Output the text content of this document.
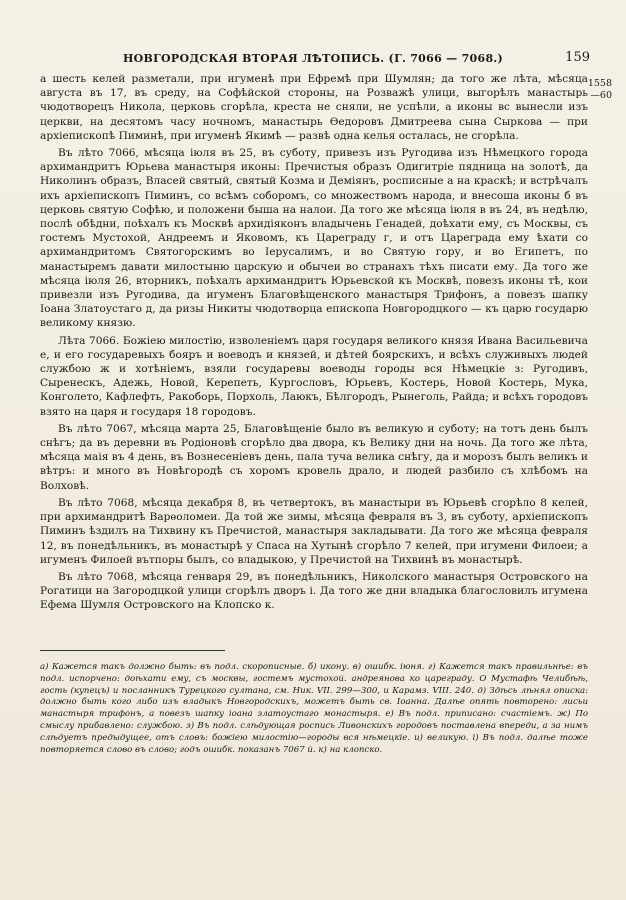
НОВГОРОДСКАЯ ВТОРАЯ ЛѢТОПИСЬ. (Г. 7066 — 7068.)	159
1558
—60

а шесть келей разметали, при игуменѣ при Ефремѣ при Шумлян; да того же лѣта, мѣсяца августа въ 17, въ среду, на Софѣйской стороны, на Розважѣ улици, выгорѣлъ манастырь чюдотворецъ Никола, церковь сгорѣла, креста не сняли, не успѣли, а иконы вс вынесли изъ церкви, на десятомъ часу ночномъ, манастырь Ѳедоровъ Дмитреева сына Сыркова — при архіепископѣ Пиминѣ, при игуменѣ Якимѣ — развѣ одна келья осталась, не сгорѣла.

Въ лѣто 7066, мѣсяца іюля въ 25, въ суботу, привезъ изъ Ругодива изъ Нѣмецкого города архимандритъ Юрьева манастыря иконы: Пречистыя образъ Одигитріе пядница на золотѣ, да Николинъ образъ, Власей святый, святый Козма и Деміянъ, росписные а на краскѣ; и встрѣчалъ ихъ архіепископъ Пиминъ, со всѣмъ соборомъ, со множествомъ народа, и внесоша иконы б въ церковь святую Софѣю, и положени быша на налои. Да того же мѣсяца іюля в въ 24, въ недѣлю, послѣ обѣдни, поѣхалъ къ Москвѣ архидіяконъ владычень Генадей, доѣхати ему, съ Москвы, съ гостемъ Мустохой, Андреемъ и Яковомъ, къ Цареграду г, и отъ Цареграда ему ѣхати со архимандритомъ Святогорскимъ во Іерусалимъ, и во Святую гору, и во Египетъ, по манастыремъ давати милостыню царскую и обычеи во странахъ тѣхъ писати ему. Да того же мѣсяца іюля 26, вторникъ, поѣхалъ архимандритъ Юрьевской къ Москвѣ, повезъ иконы тѣ, кои привезли изъ Ругодива, да игуменъ Благовѣщенского манастыря Трифонъ, а повезъ шапку Іоана Златоустаго д, да ризы Никиты чюдотворца епископа Новгородцкого — къ царю государю великому князю.

Лѣта 7066. Божіею милостію, изволеніемъ царя государя великого князя Ивана Васильевича е, и его государевыхъ бояръ и воеводъ и князей, и дѣтей боярскихъ, и всѣхъ служивыхъ людей службою ж и хотѣніемъ, взяли государевы воеводы городы вся Нѣмецкіе з: Ругодивъ, Сыренескъ, Адежь, Новой, Керепеть, Кургословъ, Юрьевъ, Костерь, Новой Костерь, Мука, Конголето, Кафлефть, Ракоборь, Порхоль, Лаюкъ, Бѣлгородъ, Рынеголь, Райда; и всѣхъ городовъ взято на царя и государя 18 городовъ.

Въ лѣто 7067, мѣсяца марта 25, Благовѣщеніе было въ великую и суботу; на тотъ день былъ снѣгъ; да въ деревни въ Родіоновѣ сгорѣло два двора, къ Велику дни на ночь. Да того же лѣта, мѣсяца маія въ 4 день, въ Вознесеніевъ день, пала туча велика снѣгу, да и морозъ былъ великъ и вѣтръ: и много въ Новѣгородѣ съ хоромъ кровель драло, и людей разбило съ хлѣбомъ на Волховѣ.

Въ лѣто 7068, мѣсяца декабря 8, въ четвертокъ, въ манастыри въ Юрьевѣ сгорѣло 8 келей, при архимандритѣ Варѳоломеи. Да той же зимы, мѣсяца февраля въ 3, въ суботу, архіепископъ Пиминъ ѣздилъ на Тихвину къ Пречистой, манастыря закладывати. Да того же мѣсяца февраля 12, въ понедѣльникъ, въ монастырѣ у Спаса на Хутынѣ сгорѣло 7 келей, при игумени Филоеи; а игуменъ Филоей вътпоры былъ, со владыкою, у Пречистой на Тихвинѣ въ монастырѣ.

Въ лѣто 7068, мѣсяца генваря 29, въ понедѣльникъ, Николского манастыря Островского на Рогатици на Загородцкой улици сгорѣлъ дворъ і. Да того же дни владыка благословилъ игумена Ефема Шумля Островского на Клопско к.

а) Кажется такъ должно быть: въ подл. скоропиcные. б) икону. в) ошибк. іюня. г) Кажется такъ правильнѣе: въ подл. испорчено: доѣхати ему, съ москвы, гостемъ мустохой. андреяновa ко цареграду. О Мустафѣ Челибѣѣ, гость (купецъ) и посланникъ Турецкого султана, см. Ник. VII. 299—300, и Карамз. VIII. 240. д) Здѣсь лѣнял описка: должно быть кого либо изъ владыкъ Новгородскихъ, можетъ быть св. Іоанна. Далѣе опять повторено: лисьи манастыря трифонъ, а повезъ шапку іоана златоустагo монастыря. е) Въ подл. приписано: счастіемъ. ж) По смыслу прибавлено: службою. з) Въ подл. слѣдующая роспись Ливонскихъ городовъ поставлена впереди, а за нимъ слѣдуетъ предыдущее, отъ словъ: божіею милостію—городы вся нѣмецкіе. и) великую. і) Въ подл. далѣе тоже повторяется слово въ слово; годъ ошибк. показанъ 7067 й. к) на клопско.
